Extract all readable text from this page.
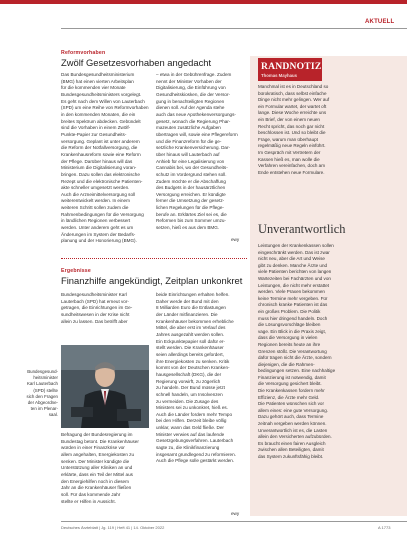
AKTUELL
Reformvorhaben
Zwölf Gesetzesvorhaben angedacht
Das Bundesgesundheitsministerium
(BMG) hat einen vierten Arbeitsplan
für die kommenden vier Monate
Bundesgesundheitsministers vorgelegt.
Es geht nach dem Willen von Lauterbach
(SPD) um eine Reihe von Reformvorhaben
in den kommenden Monaten, die ein
breites Spektrum abdecken. Gebündelt
sind die Vorhaben in einem Zwölf-
Punkte-Papier zur Gesundheits-
versorgung. Geplant ist unter anderem
die Reform der Notfallversorgung, die
Krankenhausreform sowie eine Reform
der Pflege. Darüber hinaus will das
Ministerium die Digitalisierung voran-
bringen. Dazu sollen das elektronische
Rezept und die elektronische Patienten-
akte schneller umgesetzt werden.
Auch die Arzneimittelversorgung soll
weiterentwickelt werden. In einem
weiteren Schritt sollen zudem die
Rahmenbedingungen für die Versorgung
in ländlichen Regionen verbessert
werden. Unter anderem geht es um
Änderungen im System der Bedarfs-
planung und der Honorierung (BMG).
– etwa in der Gebührenfrage. Zudem
nennt der Minister Vorhaben der
Digitalisierung, die Einführung von
Gesundheitskiosken, die der Versor-
gung in benachteiligten Regionen
dienen soll. Auf der Agenda stehe
auch das neue Apothekenversorgungs-
gesetz, wonach die Regierung Phar-
mazeuten zusätzliche Aufgaben
übertragen will, sowie eine Pflegereform
und die Finanzreform für die ge-
setzliche Krankenversicherung. Dar-
über hinaus will Lauterbach auf
Anhieb für eine Legalisierung von
Cannabis bei, wo der Gesundheits-
schutz im Vordergrund stehen soll.
Zudem möchte er die Abschaffung
des Budgets in der hausärztlichen
Versorgung erreichen. Er kündigte
ferner die Umsetzung der gesetz-
lichen Regelungen für die Pflege-
berufe an. Erklärtes Ziel sei es, die
Reformen bis zum Sommer umzu-
setzen, hieß es aus dem BMG.
ewy
Ergebnisse
Finanzhilfe angekündigt, Zeitplan unkonkret
Bundesgesundheitsminister Karl
Lauterbach (SPD) hat erneut vor-
getragen, die Einrichtungen im Ge-
sundheitswesen in der Krise nicht
allein zu lassen. Das betrifft aber
Bundesgesund-
heitsminister
Karl Lauterbach
(SPD) stellte
sich den Fragen
der Abgeordne-
ten im Plenar-
saal.
Befragung der Bundesregierung im
Bundestag betont. Die Krankenhäuser
würden in einer Finanzkrise vor
allem angehalten, Energiekosten zu
senken. Der Minister kündigte die
Unterstützung aller Kliniken an und
erklärte, dass ein Teil der Mittel aus
den Energiehilfen noch in diesem
Jahr an die Krankenhäuser fließen
soll. Für das kommende Jahr
stellte er Hilfen in Aussicht.
beide Einrichtungen erhalten helfen.
Daher werde der Bund mit den
8 Milliarden Euro die Entlastungen
der Länder mitfinanzieren. Die
Krankenhäuser bekommen erhebliche
Mittel, die aber erst im Verlauf des
Jahres ausgezahlt werden sollen.
Ein Eckpunktepapier soll dafür er-
stellt werden. Die Krankenhäuser
seien allerdings bereits gefordert,
ihre Energiekosten zu senken. Kritik
kommt von der Deutschen Kranken-
hausgesellschaft (DKG), die der
Regierung vorwirft, zu zögerlich
zu handeln. Der Bund müsse jetzt
schnell handeln, um Insolvenzen
zu vermeiden. Die Zusage des
Ministers sei zu unkonkret, hieß es.
Auch die Länder fordern mehr Tempo
bei den Hilfen. Derzeit bleibe völlig
unklar, wann das Geld fließe. Der
Minister verwies auf das laufende
Gesetzgebungsverfahren. Lauterbach
sagte zu, die Klinikfinanzierung
insgesamt grundlegend zu reformieren.
Auch die Pflege solle gestärkt werden.
ewy
RANDNOTIZ
Thomas Mayhaus
Manchmal ist es in Deutschland so
bürokratisch, dass selbst einfache
Dinge nicht mehr gelingen. Wer auf
ein Formular wartet, der wartet oft
lange. Diese Woche erreichte uns
ein Brief, der von einem neuen
Recht spricht, das noch gar nicht
beschlossen ist. Und so bleibt die
Frage, warum man überhaupt
regelmäßig neue Regeln einführt.
Im Gespräch mit Vertretern der
Kassen hieß es, man wolle die
Verfahren vereinfachen, doch am
Ende entstehen neue Formulare.
Unverantwortlich
Leistungen der Krankenkassen sollen
eingeschränkt werden. Das ist zwar
nicht neu, aber die Art und Weise
gibt zu denken. Manche Ärzte und
viele Patienten berichten von langen
Wartezeiten bei Fachärzten und von
Leistungen, die nicht mehr erstattet
werden. Viele Praxen bekommen
keine Termine mehr vergeben. Für
chronisch kranke Patienten ist das
ein großes Problem. Die Politik
muss hier dringend handeln. Doch
die Lösungsvorschläge bleiben
vage. Ein Blick in die Praxis zeigt,
dass die Versorgung in vielen
Regionen bereits heute an ihre
Grenzen stößt. Die Verantwortung
dafür tragen nicht die Ärzte, sondern
diejenigen, die die Rahmen-
bedingungen setzen. Eine nachhaltige
Finanzierung ist notwendig, damit
die Versorgung gesichert bleibt.
Die Krankenkassen fordern mehr
Effizienz, die Ärzte mehr Geld.
Die Patienten wünschen sich vor
allem eines: eine gute Versorgung.
Dazu gehört auch, dass Termine
zeitnah vergeben werden können.
Unverantwortlich ist es, die Lasten
allein den Versicherten aufzubürden.
Es braucht einen fairen Ausgleich
zwischen allen Beteiligten, damit
das System zukunftsfähig bleibt.
Deutsches Ärzteblatt | Jg. 119 | Heft 41 | 14. Oktober 2022	A 1773
